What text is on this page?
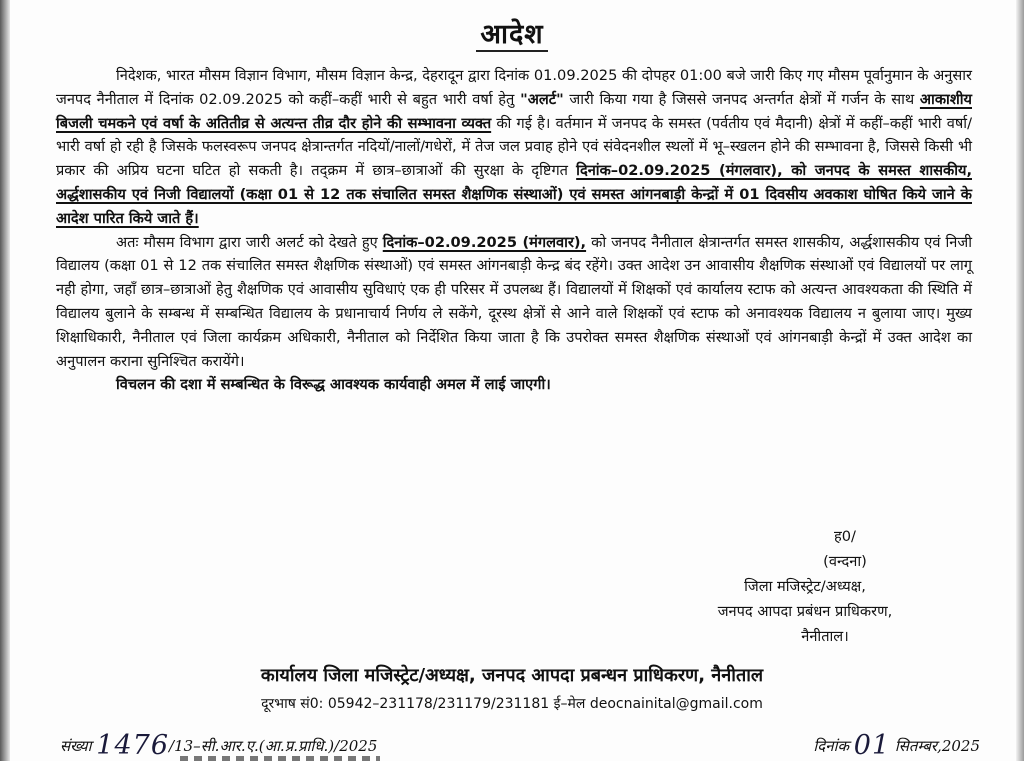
आदेश

निदेशक, भारत मौसम विज्ञान विभाग, मौसम विज्ञान केन्द्र, देहरादून द्वारा दिनांक 01.09.2025 की दोपहर 01:00 बजे जारी किए गए मौसम पूर्वानुमान के अनुसार जनपद नैनीताल में दिनांक 02.09.2025 को कहीं–कहीं भारी से बहुत भारी वर्षा हेतु "अलर्ट" जारी किया गया है जिससे जनपद अन्तर्गत क्षेत्रों में गर्जन के साथ आकाशीय बिजली चमकने एवं वर्षा के अतितीव्र से अत्यन्त तीव्र दौर होने की सम्भावना व्यक्त की गई है। वर्तमान में जनपद के समस्त (पर्वतीय एवं मैदानी) क्षेत्रों में कहीं–कहीं भारी वर्षा/भारी वर्षा हो रही है जिसके फलस्वरूप जनपद क्षेत्रान्तर्गत नदियों/नालों/गधेरों, में तेज जल प्रवाह होने एवं संवेदनशील स्थलों में भू–स्खलन होने की सम्भावना है, जिससे किसी भी प्रकार की अप्रिय घटना घटित हो सकती है। तद्क्रम में छात्र–छात्राओं की सुरक्षा के दृष्टिगत दिनांक–02.09.2025 (मंगलवार), को जनपद के समस्त शासकीय, अर्द्धशासकीय एवं निजी विद्यालयों (कक्षा 01 से 12 तक संचालित समस्त शैक्षणिक संस्थाओं) एवं समस्त आंगनबाड़ी केन्द्रों में 01 दिवसीय अवकाश घोषित किये जाने के आदेश पारित किये जाते हैं।

अतः मौसम विभाग द्वारा जारी अलर्ट को देखते हुए दिनांक–02.09.2025 (मंगलवार), को जनपद नैनीताल क्षेत्रान्तर्गत समस्त शासकीय, अर्द्धशासकीय एवं निजी विद्यालय (कक्षा 01 से 12 तक संचालित समस्त शैक्षणिक संस्थाओं) एवं समस्त आंगनबाड़ी केन्द्र बंद रहेंगे। उक्त आदेश उन आवासीय शैक्षणिक संस्थाओं एवं विद्यालयों पर लागू नही होगा, जहाँ छात्र–छात्राओं हेतु शैक्षणिक एवं आवासीय सुविधाएं एक ही परिसर में उपलब्ध हैं। विद्यालयों में शिक्षकों एवं कार्यालय स्टाफ को अत्यन्त आवश्यकता की स्थिति में विद्यालय बुलाने के सम्बन्ध में सम्बन्धित विद्यालय के प्रधानाचार्य निर्णय ले सकेंगे, दूरस्थ क्षेत्रों से आने वाले शिक्षकों एवं स्टाफ को अनावश्यक विद्यालय न बुलाया जाए। मुख्य शिक्षाधिकारी, नैनीताल एवं जिला कार्यक्रम अधिकारी, नैनीताल को निर्देशित किया जाता है कि उपरोक्त समस्त शैक्षणिक संस्थाओं एवं आंगनबाड़ी केन्द्रों में उक्त आदेश का अनुपालन कराना सुनिश्चित करायेंगे।

विचलन की दशा में सम्बन्धित के विरूद्ध आवश्यक कार्यवाही अमल में लाई जाएगी।

ह0/
(वन्दना)
जिला मजिस्ट्रेट/अध्यक्ष,
जनपद आपदा प्रबंधन प्राधिकरण,
नैनीताल।
कार्यालय जिला मजिस्ट्रेट/अध्यक्ष, जनपद आपदा प्रबन्धन प्राधिकरण, नैनीताल
दूरभाष सं0: 05942–231178/231179/231181 ई–मेल deocnainital@gmail.com
संख्या 1476/13–सी.आर.ए.(आ.प्र.प्राधि.)/2025	दिनांक 01 सितम्बर,2025
